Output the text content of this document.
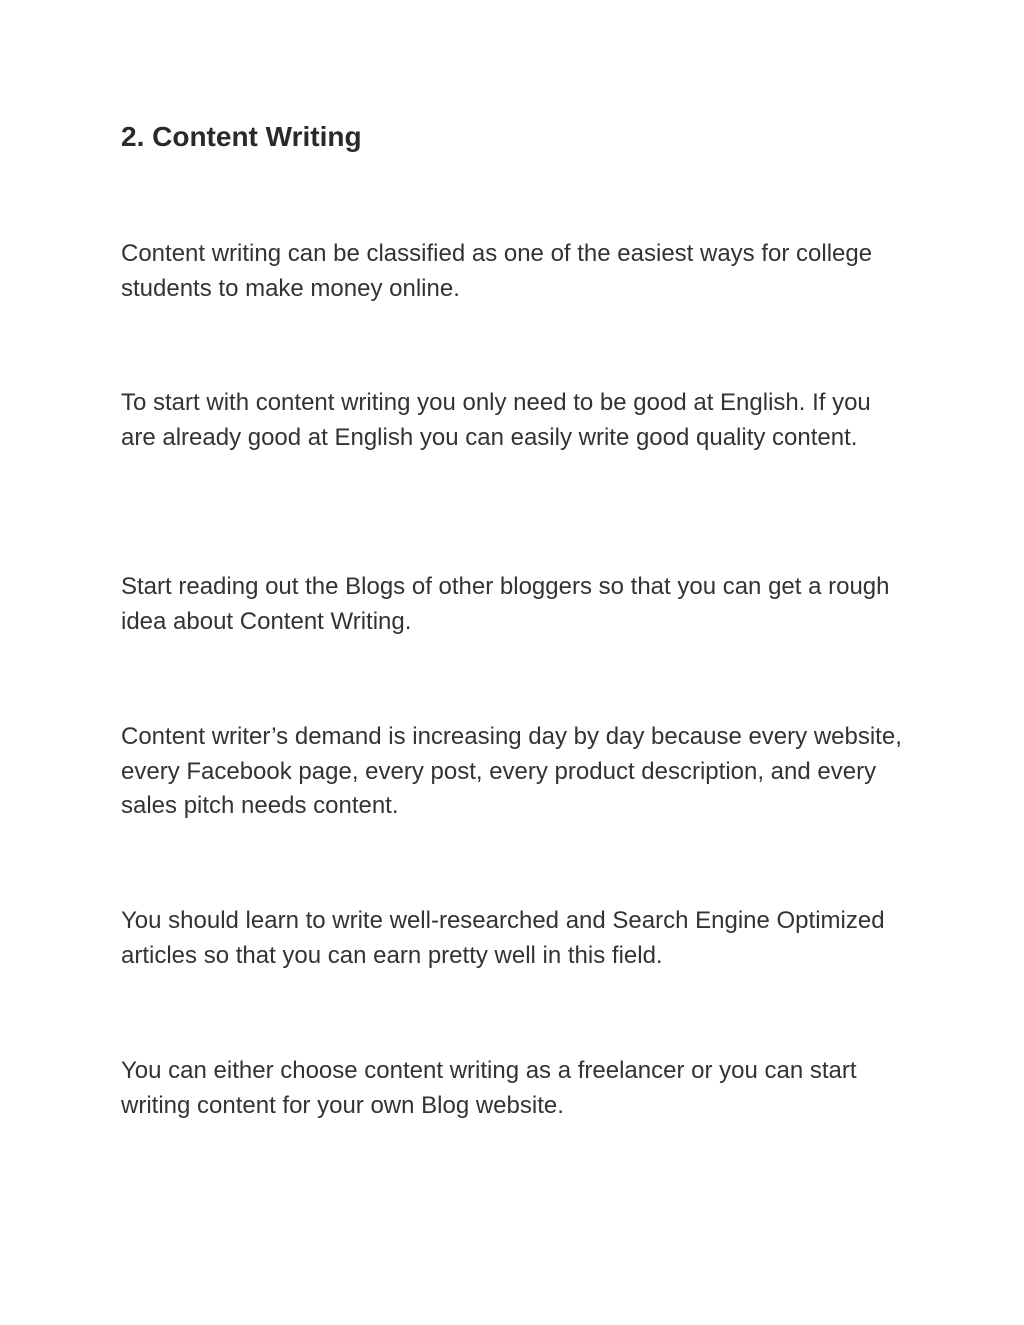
2. Content Writing

Content writing can be classified as one of the easiest ways for college students to make money online.

To start with content writing you only need to be good at English. If you are already good at English you can easily write good quality content.

Start reading out the Blogs of other bloggers so that you can get a rough idea about Content Writing.

Content writer’s demand is increasing day by day because every website, every Facebook page, every post, every product description, and every sales pitch needs content.

You should learn to write well-researched and Search Engine Optimized articles so that you can earn pretty well in this field.

You can either choose content writing as a freelancer or you can start writing content for your own Blog website.
